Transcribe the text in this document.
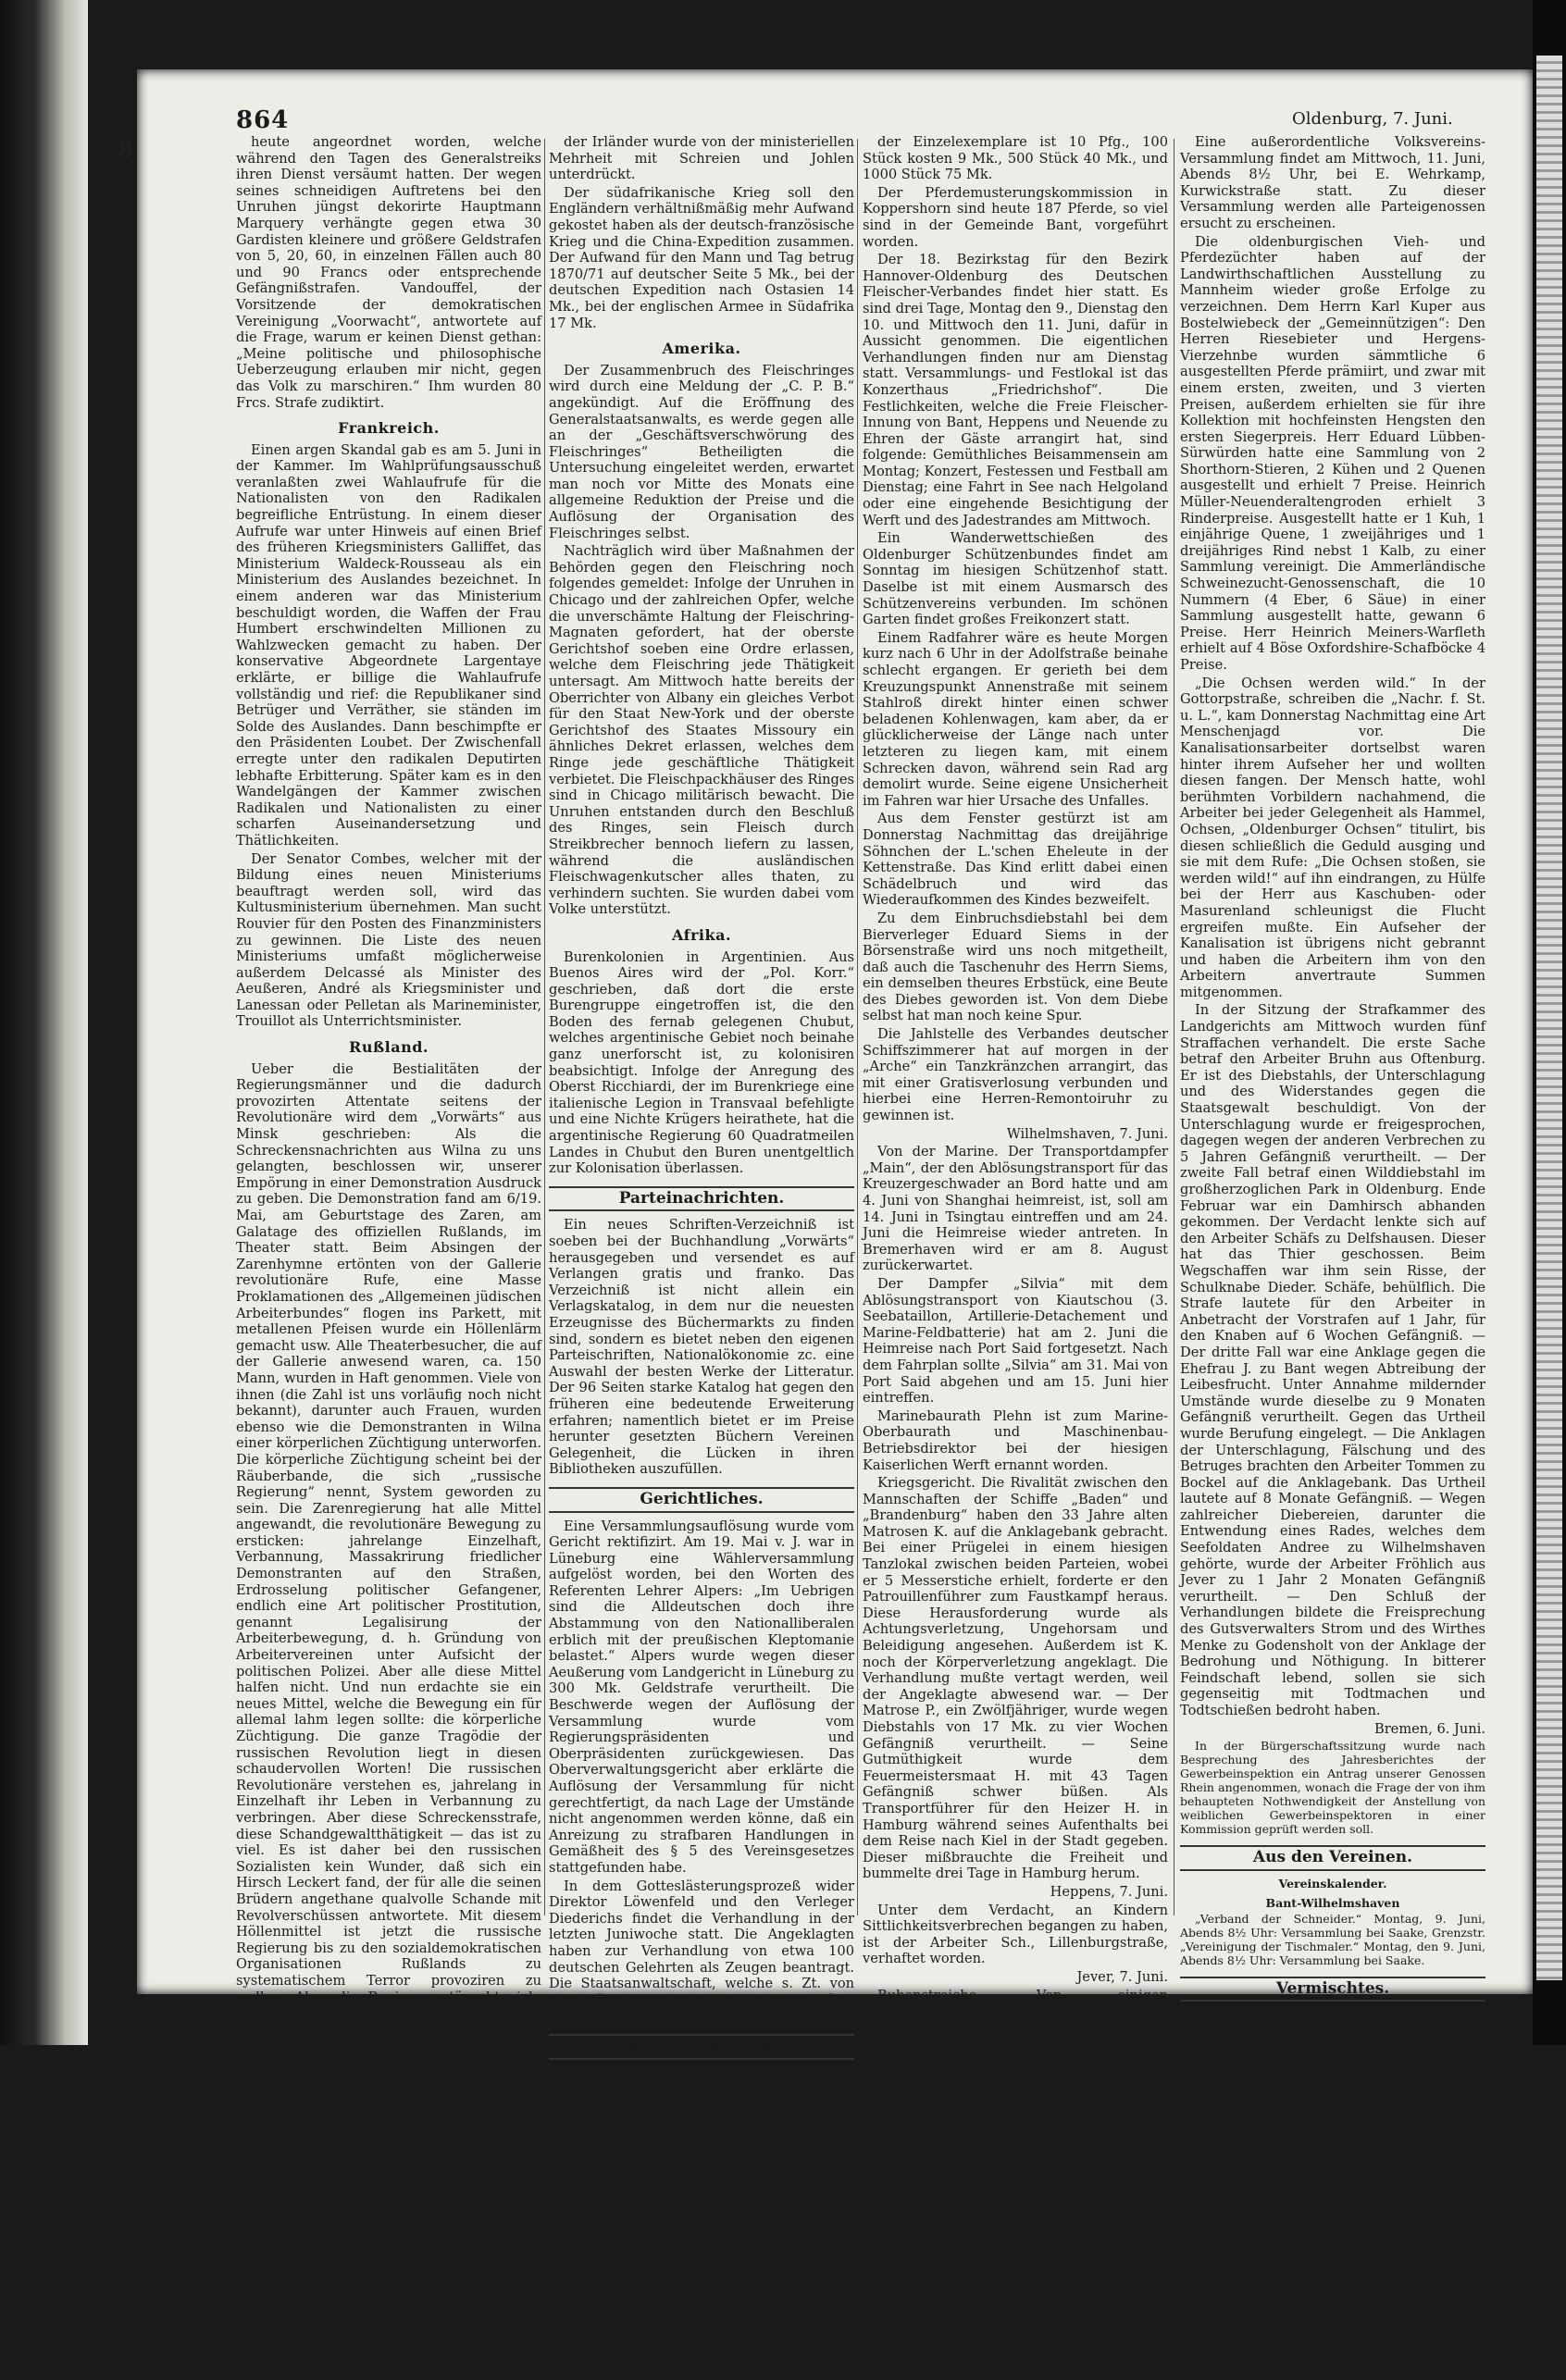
8
864	Oldenburg, 7. Juni.

heute angeordnet worden, welche während den Tagen des Generalstreiks ihren Dienst versäumt hatten. Der wegen seines schneidigen Auftretens bei den Unruhen jüngst dekorirte Hauptmann Marquery verhängte gegen etwa 30 Gardisten kleinere und größere Geldstrafen von 5, 20, 60, in einzelnen Fällen auch 80 und 90 Francs oder entsprechende Gefängnißstrafen. Vandouffel, der Vorsitzende der demokratischen Vereinigung „Voorwacht“, antwortete auf die Frage, warum er keinen Dienst gethan: „Meine politische und philosophische Ueberzeugung erlauben mir nicht, gegen das Volk zu marschiren.“ Ihm wurden 80 Frcs. Strafe zudiktirt.

Frankreich.

Einen argen Skandal gab es am 5. Juni in der Kammer. Im Wahlprüfungsausschuß veranlaßten zwei Wahlaufrufe für die Nationalisten von den Radikalen begreifliche Entrüstung. In einem dieser Aufrufe war unter Hinweis auf einen Brief des früheren Kriegsministers Galliffet, das Ministerium Waldeck-Rousseau als ein Ministerium des Auslandes bezeichnet. In einem anderen war das Ministerium beschuldigt worden, die Waffen der Frau Humbert erschwindelten Millionen zu Wahlzwecken gemacht zu haben. Der konservative Abgeordnete Largentaye erklärte, er billige die Wahlaufrufe vollständig und rief: die Republikaner sind Betrüger und Verräther, sie ständen im Solde des Auslandes. Dann beschimpfte er den Präsidenten Loubet. Der Zwischenfall erregte unter den radikalen Deputirten lebhafte Erbitterung. Später kam es in den Wandelgängen der Kammer zwischen Radikalen und Nationalisten zu einer scharfen Auseinandersetzung und Thätlichkeiten.

Der Senator Combes, welcher mit der Bildung eines neuen Ministeriums beauftragt werden soll, wird das Kultusministerium übernehmen. Man sucht Rouvier für den Posten des Finanzministers zu gewinnen. Die Liste des neuen Ministeriums umfaßt möglicherweise außerdem Delcassé als Minister des Aeußeren, André als Kriegsminister und Lanessan oder Pelletan als Marineminister, Trouillot als Unterrichtsminister.

Rußland.

Ueber die Bestialitäten der Regierungsmänner und die dadurch provozirten Attentate seitens der Revolutionäre wird dem „Vorwärts“ aus Minsk geschrieben: Als die Schreckensnachrichten aus Wilna zu uns gelangten, beschlossen wir, unserer Empörung in einer Demonstration Ausdruck zu geben. Die Demonstration fand am 6/19. Mai, am Geburtstage des Zaren, am Galatage des offiziellen Rußlands, im Theater statt. Beim Absingen der Zarenhymne ertönten von der Gallerie revolutionäre Rufe, eine Masse Proklamationen des „Allgemeinen jüdischen Arbeiterbundes“ flogen ins Parkett, mit metallenen Pfeisen wurde ein Höllenlärm gemacht usw. Alle Theaterbesucher, die auf der Gallerie anwesend waren, ca. 150 Mann, wurden in Haft genommen. Viele von ihnen (die Zahl ist uns vorläufig noch nicht bekannt), darunter auch Frauen, wurden ebenso wie die Demonstranten in Wilna einer körperlichen Züchtigung unterworfen. Die körperliche Züchtigung scheint bei der Räuberbande, die sich „russische Regierung“ nennt, System geworden zu sein. Die Zarenregierung hat alle Mittel angewandt, die revolutionäre Bewegung zu ersticken: jahrelange Einzelhaft, Verbannung, Massakrirung friedlicher Demonstranten auf den Straßen, Erdrosselung politischer Gefangener, endlich eine Art politischer Prostitution, genannt Legalisirung der Arbeiterbewegung, d. h. Gründung von Arbeitervereinen unter Aufsicht der politischen Polizei. Aber alle diese Mittel halfen nicht. Und nun erdachte sie ein neues Mittel, welche die Bewegung ein für allemal lahm legen sollte: die körperliche Züchtigung. Die ganze Tragödie der russischen Revolution liegt in diesen schaudervollen Worten! Die russischen Revolutionäre verstehen es, jahrelang in Einzelhaft ihr Leben in Verbannung zu verbringen. Aber diese Schreckensstrafe, diese Schandgewaltthätigkeit — das ist zu viel. Es ist daher bei den russischen Sozialisten kein Wunder, daß sich ein Hirsch Leckert fand, der für alle die seinen Brüdern angethane qualvolle Schande mit Revolverschüssen antwortete. Mit diesem Höllenmittel ist jetzt die russische Regierung bis zu den sozialdemokratischen Organisationen Rußlands zu systematischem Terror provoziren zu wollen. Aber die Regierung täuscht sich. Ebenso wie die Bewegung sich durch kein Mittel in der Welt zurückhalten lassen wird, wird sie auch ferner diejenigen Formen annehmen, die sich bei der jetzigen Lage als zweckmäßigsten erweisen werden, und das sind im Gegensatz zum Revolver, zum Dolch und zum Dynamit, unzweifelhaft zum Fall des Absolutismus führen werden.

Merkwürdige Gerüchte gehen immer wieder bezüglich des Studenten um, der den russischen Minister des Innern erschossen hat. Nach Mittheilungen, die aus Petersburg in Lemberg einliefen, soll der Mörder Ssipjagins bisher noch nicht verurtheilt worden sein, sondern sich in freier Haft befinden. Alle Meldungen von dessen Verurtheilung und Hinrichtung seien Erfindungen der Polizei.

England.

Die Dotation für Kitchener wurde vom Unter- und Oberhause angenommen. Der Widerspruch

der Irländer wurde von der ministeriellen Mehrheit mit Schreien und Johlen unterdrückt.

Der südafrikanische Krieg soll den Engländern verhältnißmäßig mehr Aufwand gekostet haben als der deutsch-französische Krieg und die China-Expedition zusammen. Der Aufwand für den Mann und Tag betrug 1870/71 auf deutscher Seite 5 Mk., bei der deutschen Expedition nach Ostasien 14 Mk., bei der englischen Armee in Südafrika 17 Mk.

Amerika.

Der Zusammenbruch des Fleischringes wird durch eine Meldung der „C. P. B.“ angekündigt. Auf die Eröffnung des Generalstaatsanwalts, es werde gegen alle an der „Geschäftsverschwörung des Fleischringes“ Betheiligten die Untersuchung eingeleitet werden, erwartet man noch vor Mitte des Monats eine allgemeine Reduktion der Preise und die Auflösung der Organisation des Fleischringes selbst.

Nachträglich wird über Maßnahmen der Behörden gegen den Fleischring noch folgendes gemeldet: Infolge der Unruhen in Chicago und der zahlreichen Opfer, welche die unverschämte Haltung der Fleischring-Magnaten gefordert, hat der oberste Gerichtshof soeben eine Ordre erlassen, welche dem Fleischring jede Thätigkeit untersagt. Am Mittwoch hatte bereits der Oberrichter von Albany ein gleiches Verbot für den Staat New-York und der oberste Gerichtshof des Staates Missoury ein ähnliches Dekret erlassen, welches dem Ringe jede geschäftliche Thätigkeit verbietet. Die Fleischpackhäuser des Ringes sind in Chicago militärisch bewacht. Die Unruhen entstanden durch den Beschluß des Ringes, sein Fleisch durch Streikbrecher bennoch liefern zu lassen, während die ausländischen Fleischwagenkutscher alles thaten, zu verhindern suchten. Sie wurden dabei vom Volke unterstützt.

Afrika.

Burenkolonien in Argentinien. Aus Buenos Aires wird der „Pol. Korr.“ geschrieben, daß dort die erste Burengruppe eingetroffen ist, die den Boden des fernab gelegenen Chubut, welches argentinische Gebiet noch beinahe ganz unerforscht ist, zu kolonisiren beabsichtigt. Infolge der Anregung des Oberst Ricchiardi, der im Burenkriege eine italienische Legion in Transvaal befehligte und eine Nichte Krügers heirathete, hat die argentinische Regierung 60 Quadratmeilen Landes in Chubut den Buren unentgeltlich zur Kolonisation überlassen.

Parteinachrichten.

Ein neues Schriften-Verzeichniß ist soeben bei der Buchhandlung „Vorwärts“ herausgegeben und versendet es auf Verlangen gratis und franko. Das Verzeichniß ist nicht allein ein Verlagskatalog, in dem nur die neuesten Erzeugnisse des Büchermarkts zu finden sind, sondern es bietet neben den eigenen Parteischriften, Nationalökonomie zc. eine Auswahl der besten Werke der Litteratur. Der 96 Seiten starke Katalog hat gegen den früheren eine bedeutende Erweiterung erfahren; namentlich bietet er im Preise herunter gesetzten Büchern Vereinen Gelegenheit, die Lücken in ihren Bibliotheken auszufüllen.

Gerichtliches.

Eine Versammlungsauflösung wurde vom Gericht rektifizirt. Am 19. Mai v. J. war in Lüneburg eine Wählerversammlung aufgelöst worden, bei den Worten des Referenten Lehrer Alpers: „Im Uebrigen sind die Alldeutschen doch ihre Abstammung von den Nationalliberalen erblich mit der preußischen Kleptomanie belastet.“ Alpers wurde wegen dieser Aeußerung vom Landgericht in Lüneburg zu 300 Mk. Geldstrafe verurtheilt. Die Beschwerde wegen der Auflösung der Versammlung wurde vom Regierungspräsidenten und Oberpräsidenten zurückgewiesen. Das Oberverwaltungsgericht aber erklärte die Auflösung der Versammlung für nicht gerechtfertigt, da nach Lage der Umstände nicht angenommen werden könne, daß ein Anreizung zu strafbaren Handlungen in Gemäßheit des § 5 des Vereinsgesetzes stattgefunden habe.

In dem Gotteslästerungsprozeß wider Direktor Löwenfeld und den Verleger Diederichs findet die Verhandlung in der letzten Juniwoche statt. Die Angeklagten haben zur Verhandlung von etwa 100 deutschen Gelehrten als Zeugen beantragt. Die Staatsanwaltschaft, welche s. Zt. von der „Tägl. Rundschau“ aus Leipzig, hätte die Einstellung des Verfahrens abgelehnt.

Aus Stadt und Land.
Bant, 7. Juni.

Der Ortsbestellbezirk des Postamtes Bant wird die gewünschte Erweiterung, so daß er sich mit den Grenzen der politischen Gemeinde deckt, erhalten. Vom 1. Oktober nämlich sollen die vom Postamt Wilhelmshaven aus bestellt werden, dem Ortsbestellbezirk des Postamtes Bant zugetheilt werden.

Die Krankenkassen Vorstände und Mitglieder seien hiermit darauf aufmerksam gemacht, daß das Protokoll der Krankenkassen-Konferenz, welche am 19 und 20. Mai in Hannover getagt hat, gegen Einsendung von 25 Pfennig in Briefmarken darauf sind an die Zentral-Kommission der Krankenkassen von Hannover und Umgegend, Hannover, Bäckerstr. 22, zu richten. Der Preis

der Einzelexemplare ist 10 Pfg., 100 Stück kosten 9 Mk., 500 Stück 40 Mk., und 1000 Stück 75 Mk.

Der Pferdemusterungskommission in Koppershorn sind heute 187 Pferde, so viel sind in der Gemeinde Bant, vorgeführt worden.

Der 18. Bezirkstag für den Bezirk Hannover-Oldenburg des Deutschen Fleischer-Verbandes findet hier statt. Es sind drei Tage, Montag den 9., Dienstag den 10. und Mittwoch den 11. Juni, dafür in Aussicht genommen. Die eigentlichen Verhandlungen finden nur am Dienstag statt. Versammlungs- und Festlokal ist das Konzerthaus „Friedrichshof“. Die Festlichkeiten, welche die Freie Fleischer-Innung von Bant, Heppens und Neuende zu Ehren der Gäste arrangirt hat, sind folgende: Gemüthliches Beisammensein am Montag; Konzert, Festessen und Festball am Dienstag; eine Fahrt in See nach Helgoland oder eine eingehende Besichtigung der Werft und des Jadestrandes am Mittwoch.

Ein Wanderwettschießen des Oldenburger Schützenbundes findet am Sonntag im hiesigen Schützenhof statt. Daselbe ist mit einem Ausmarsch des Schützenvereins verbunden. Im schönen Garten findet großes Freikonzert statt.

Einem Radfahrer wäre es heute Morgen kurz nach 6 Uhr in der Adolfstraße beinahe schlecht ergangen. Er gerieth bei dem Kreuzungspunkt Annenstraße mit seinem Stahlroß direkt hinter einen schwer beladenen Kohlenwagen, kam aber, da er glücklicherweise der Länge nach unter letzteren zu liegen kam, mit einem Schrecken davon, während sein Rad arg demolirt wurde. Seine eigene Unsicherheit im Fahren war hier Ursache des Unfalles.

Aus dem Fenster gestürzt ist am Donnerstag Nachmittag das dreijährige Söhnchen der L.'schen Eheleute in der Kettenstraße. Das Kind erlitt dabei einen Schädelbruch und wird das Wiederaufkommen des Kindes bezweifelt.

Zu dem Einbruchsdiebstahl bei dem Bierverleger Eduard Siems in der Börsenstraße wird uns noch mitgetheilt, daß auch die Taschenuhr des Herrn Siems, ein demselben theures Erbstück, eine Beute des Diebes geworden ist. Von dem Diebe selbst hat man noch keine Spur.

Die Jahlstelle des Verbandes deutscher Schiffszimmerer hat auf morgen in der „Arche“ ein Tanzkränzchen arrangirt, das mit einer Gratisverlosung verbunden und hierbei eine Herren-Remontoiruhr zu gewinnen ist.

Wilhelmshaven, 7. Juni.

Von der Marine. Der Transportdampfer „Main“, der den Ablösungstransport für das Kreuzergeschwader an Bord hatte und am 4. Juni von Shanghai heimreist, ist, soll am 14. Juni in Tsingtau eintreffen und am 24. Juni die Heimreise wieder antreten. In Bremerhaven wird er am 8. August zurückerwartet.

Der Dampfer „Silvia“ mit dem Ablösungstransport von Kiautschou (3. Seebataillon, Artillerie-Detachement und Marine-Feldbatterie) hat am 2. Juni die Heimreise nach Port Said fortgesetzt. Nach dem Fahrplan sollte „Silvia“ am 31. Mai von Port Said abgehen und am 15. Juni hier eintreffen.

Marinebaurath Plehn ist zum Marine-Oberbaurath und Maschinenbau-Betriebsdirektor bei der hiesigen Kaiserlichen Werft ernannt worden.

Kriegsgericht. Die Rivalität zwischen den Mannschaften der Schiffe „Baden“ und „Brandenburg“ haben den 33 Jahre alten Matrosen K. auf die Anklagebank gebracht. Bei einer Prügelei in einem hiesigen Tanzlokal zwischen beiden Parteien, wobei er 5 Messerstiche erhielt, forderte er den Patrouillenführer zum Faustkampf heraus. Diese Herausforderung wurde als Achtungsverletzung, Ungehorsam und Beleidigung angesehen. Außerdem ist K. noch der Körperverletzung angeklagt. Die Verhandlung mußte vertagt werden, weil der Angeklagte abwesend war. — Der Matrose P., ein Zwölfjähriger, wurde wegen Diebstahls von 17 Mk. zu vier Wochen Gefängniß verurtheilt. — Seine Gutmüthigkeit wurde dem Feuermeistersmaat H. mit 43 Tagen Gefängniß schwer büßen. Als Transportführer für den Heizer H. in Hamburg während seines Aufenthalts bei dem Reise nach Kiel in der Stadt gegeben. Dieser mißbrauchte die Freiheit und bummelte drei Tage in Hamburg herum.

Heppens, 7. Juni.

Unter dem Verdacht, an Kindern Sittlichkeitsverbrechen begangen zu haben, ist der Arbeiter Sch., Lillenburgstraße, verhaftet worden.

Jever, 7. Juni.

Bubenstreiche. Von einigen Straßenlaternen der Schloßerstraße sind von unbekannter Hand die Birnen entfernt und in der Nähe des Bahnhofs auch die Leitung beschädigt worden. Es ist zu bedauern, daß die Uebelthäter, die so schändlich gegen die Allgemeinheit vergeht, noch nicht ermittelt sind. Hoffentlich gelingt es, sie noch ermittelt worden.

Barel, 7. Juni.

Das Gewerkschaftsfest, das mit bei Volksfesten üblichen Arrangements verbunden ist, findet am morgigen Sonntag statt. Dabei ist auch Gelegenheit geboten, Waldluft zu athmen und sich an der voll entwickelten Vegetation in Wald und Feld zu ergötzen.

Eine außerordentliche Volksvereins-Versammlung findet am Mittwoch, 11. Juni, Abends 8½ Uhr, bei E. Wehrkamp, Kurwickstraße statt. Zu dieser Versammlung werden alle Parteigenossen ersucht zu erscheinen.

Die oldenburgischen Vieh- und Pferdezüchter haben auf der Landwirthschaftlichen Ausstellung zu Mannheim wieder große Erfolge zu verzeichnen. Dem Herrn Karl Kuper aus Bostelwiebeck der „Gemeinnützigen“: Den Herren Riesebieter und Hergens-Vierzehnbe wurden sämmtliche 6 ausgestellten Pferde prämiirt, und zwar mit einem ersten, zweiten, und 3 vierten Preisen, außerdem erhielten sie für ihre Kollektion mit hochfeinsten Hengsten den ersten Siegerpreis. Herr Eduard Lübben-Sürwürden hatte eine Sammlung von 2 Shorthorn-Stieren, 2 Kühen und 2 Quenen ausgestellt und erhielt 7 Preise. Heinrich Müller-Neuenderaltengroden erhielt 3 Rinderpreise. Ausgestellt hatte er 1 Kuh, 1 einjährige Quene, 1 zweijähriges und 1 dreijähriges Rind nebst 1 Kalb, zu einer Sammlung vereinigt. Die Ammerländische Schweinezucht-Genossenschaft, die 10 Nummern (4 Eber, 6 Säue) in einer Sammlung ausgestellt hatte, gewann 6 Preise. Herr Heinrich Meiners-Warfleth erhielt auf 4 Böse Oxfordshire-Schafböcke 4 Preise.

„Die Ochsen werden wild.“ In der Gottorpstraße, schreiben die „Nachr. f. St. u. L.“, kam Donnerstag Nachmittag eine Art Menschenjagd vor. Die Kanalisationsarbeiter dortselbst waren hinter ihrem Aufseher her und wollten diesen fangen. Der Mensch hatte, wohl berühmten Vorbildern nachahmend, die Arbeiter bei jeder Gelegenheit als Hammel, Ochsen, „Oldenburger Ochsen“ titulirt, bis diesen schließlich die Geduld ausging und sie mit dem Rufe: „Die Ochsen stoßen, sie werden wild!“ auf ihn eindrangen, zu Hülfe bei der Herr aus Kaschuben- oder Masurenland schleunigst die Flucht ergreifen mußte. Ein Aufseher der Kanalisation ist übrigens nicht gebrannt und haben die Arbeitern ihm von den Arbeitern anvertraute Summen mitgenommen.

In der Sitzung der Strafkammer des Landgerichts am Mittwoch wurden fünf Straffachen verhandelt. Die erste Sache betraf den Arbeiter Bruhn aus Oftenburg. Er ist des Diebstahls, der Unterschlagung und des Widerstandes gegen die Staatsgewalt beschuldigt. Von der Unterschlagung wurde er freigesprochen, dagegen wegen der anderen Verbrechen zu 5 Jahren Gefängniß verurtheilt. — Der zweite Fall betraf einen Wilddiebstahl im großherzoglichen Park in Oldenburg. Ende Februar war ein Damhirsch abhanden gekommen. Der Verdacht lenkte sich auf den Arbeiter Schäfs zu Delfshausen. Dieser hat das Thier geschossen. Beim Wegschaffen war ihm sein Risse, der Schulknabe Dieder. Schäfe, behülflich. Die Strafe lautete für den Arbeiter in Anbetracht der Vorstrafen auf 1 Jahr, für den Knaben auf 6 Wochen Gefängniß. — Der dritte Fall war eine Anklage gegen die Ehefrau J. zu Bant wegen Abtreibung der Leibesfrucht. Unter Annahme mildernder Umstände wurde dieselbe zu 9 Monaten Gefängniß verurtheilt. Gegen das Urtheil wurde Berufung eingelegt. — Die Anklagen der Unterschlagung, Fälschung und des Betruges brachten den Arbeiter Tommen zu Bockel auf die Anklagebank. Das Urtheil lautete auf 8 Monate Gefängniß. — Wegen zahlreicher Diebereien, darunter die Entwendung eines Rades, welches dem Seefoldaten Andree zu Wilhelmshaven gehörte, wurde der Arbeiter Fröhlich aus Jever zu 1 Jahr 2 Monaten Gefängniß verurtheilt. — Den Schluß der Verhandlungen bildete die Freisprechung des Gutsverwalters Strom und des Wirthes Menke zu Godensholt von der Anklage der Bedrohung und Nöthigung. In bitterer Feindschaft lebend, sollen sie sich gegenseitig mit Todtmachen und Todtschießen bedroht haben.

Bremen, 6. Juni.

In der Bürgerschaftssitzung wurde nach Besprechung des Jahresberichtes der Gewerbeinspektion ein Antrag unserer Genossen Rhein angenommen, wonach die Frage der von ihm behaupteten Nothwendigkeit der Anstellung von weiblichen Gewerbeinspektoren in einer Kommission geprüft werden soll.

Aus den Vereinen.
Vereinskalender.
Bant-Wilhelmshaven

„Verband der Schneider.“ Montag, 9. Juni, Abends 8½ Uhr: Versammlung bei Saake, Grenzstr. „Vereinigung der Tischmaler.“ Montag, den 9. Juni, Abends 8½ Uhr: Versammlung bei Saake.

Vermischtes.

Verschüttete Arbeiter. In Feldkirchen bei München sind gestern infolge Einsturzes eines Brunnenschachtes 2 Arbeiter verschüttet worden. Obwohl die Rettungsarbeiten von Pionieren die ganze Nacht über fortgesetzt wurden, ist es nicht gelungen, bis früh 8 Uhr die beiden Verschütteten zu bergen. — Um 10 Uhr Abends gelang es den Soldaten, bis auf 90 Zentimeter an die Verschütteten heranzudringen, mit ihnen zu sprechen und ihnen durch einen Schlauch Wein und Kognak zuzuführen. Man erfuhr, daß die Unglücklichen, die über starke Schmerzen und Luftmangel klagten, zu befreien, ein weiterer Erdsturz infolge dessen kaum die beiden Arbeiter retten konnte; sie wurden nach einigen Stunden weiterer Arbeit ergab sich die Gewißheit ihres Todes. Es waren 120 Mann damit beschäftigt, die Leichen zu bergen.
